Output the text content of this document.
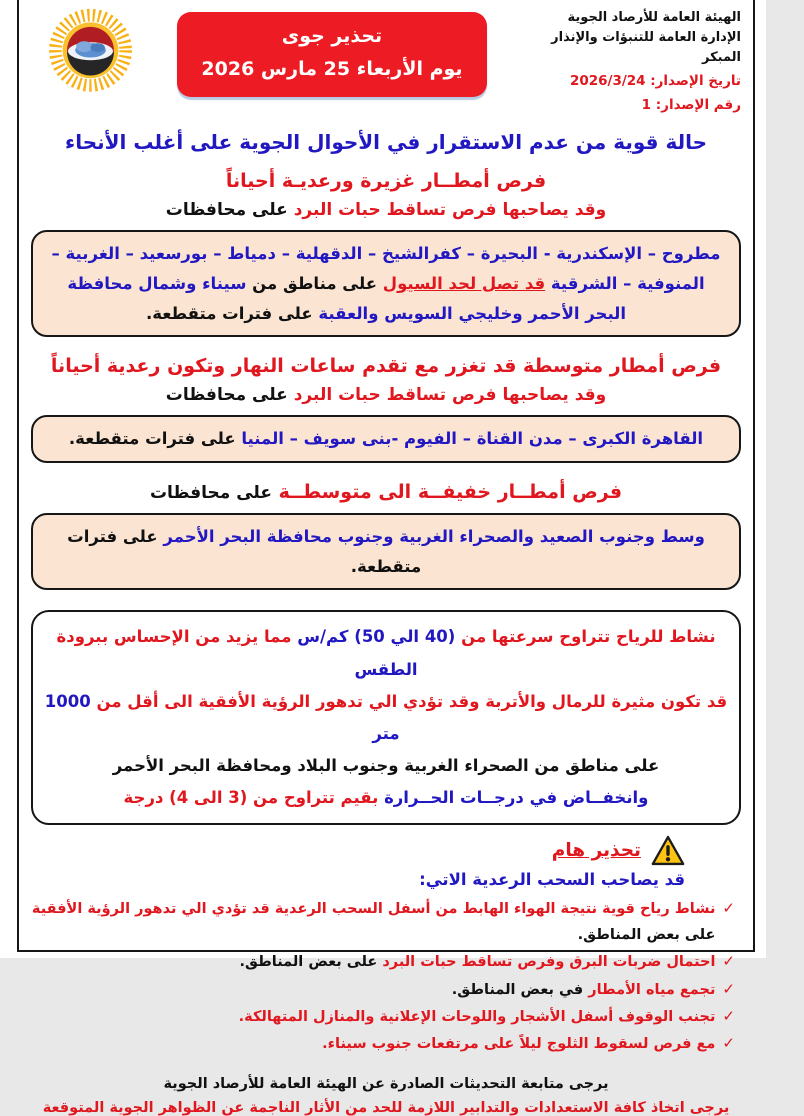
الهيئة العامة للأرصاد الجوية
الإدارة العامة للتنبؤات والإنذار المبكر
تاريخ الإصدار: 2026/3/24
رقم الإصدار: 1
تحذير جوى
يوم الأربعاء 25 مارس 2026
حالة قوية من عدم الاستقرار في الأحوال الجوية على أغلب الأنحاء
فرص أمطــار غزيرة ورعديـة أحياناً
وقد يصاحبها فرص تساقط حبات البرد على محافظات
مطروح – الإسكندرية - البحيرة – كفرالشيخ – الدقهلية – دمياط – بورسعيد – الغربية – المنوفية – الشرقية قد تصل لحد السيول على مناطق من سيناء وشمال محافظة البحر الأحمر وخليجي السويس والعقبة على فترات متقطعة.
فرص أمطار متوسطة قد تغزر مع تقدم ساعات النهار وتكون رعدية أحياناً
وقد يصاحبها فرص تساقط حبات البرد على محافظات
القاهرة الكبرى – مدن القناة – الفيوم -بنى سويف – المنيا على فترات متقطعة.
فرص أمطــار خفيفــة الى متوسطــة على محافظات
وسط وجنوب الصعيد والصحراء الغربية وجنوب محافظة البحر الأحمر على فترات متقطعة.
نشاط للرياح تتراوح سرعتها من (40 الي 50) كم/س مما يزيد من الإحساس ببرودة الطقس
قد تكون مثيرة للرمال والأتربة وقد تؤدي الي تدهور الرؤية الأفقية الى أقل من 1000 متر
على مناطق من الصحراء الغربية وجنوب البلاد ومحافظة البحر الأحمر
وانخفــاض في درجــات الحــرارة بقيم تتراوح من (3 الى 4) درجة
تحذير هام
قد يصاحب السحب الرعدية الاتي:
✓
نشاط رياح قوية نتيجة الهواء الهابط من أسفل السحب الرعدية قد تؤدي الي تدهور الرؤية الأفقية على بعض المناطق.
✓
احتمال ضربات البرق وفرص تساقط حبات البرد على بعض المناطق.
✓
تجمع مياه الأمطار في بعض المناطق.
✓
تجنب الوقوف أسفل الأشجار واللوحات الإعلانية والمنازل المتهالكة.
✓
مع فرص لسقوط الثلوج ليلاً على مرتفعات جنوب سيناء.
يرجى متابعة التحديثات الصادرة عن الهيئة العامة للأرصاد الجوية
يرجى اتخاذ كافة الاستعدادات والتدابير اللازمة للحد من الأثار الناجمة عن الظواهر الجوية المتوقعة
